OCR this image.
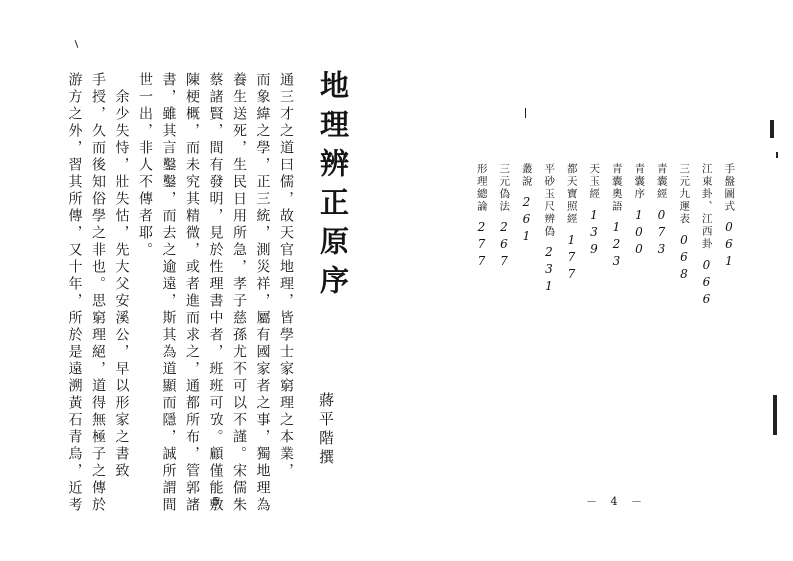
通三才之道曰儒，故天官地理，皆學士家窮理之本業，

而象緯之學，正三統，測災祥，屬有國家者之事，獨地理為

養生送死，生民日用所急，孝子慈孫尤不可以不謹。宋儒朱

蔡諸賢，間有發明，見於性理書中者，班班可攷。顧僅能敷

陳梗概，而未究其精微，或者進而求之，通都所布，管郭諸

書，雖其言鑿鑿，而去之逾遠，斯其為道顯而隱，誠所謂間

世一出，非人不傳者耶。

　余少失恃，壯失怙，先大父安溪公，早以形家之書致

手授，久而後知俗學之非也。思窮理絕，道得無極子之傳於

游方之外，習其所傳，又十年，所於是遠溯黃石青烏，近考	地理辨正原序

蔣平階撰

－ 5 －
手盤圖式
061
江東卦、江西卦
066
三元九運表
068
青囊經
073
青囊序
100
青囊奧語
123
天玉經
139
都天寶照經
177
平砂玉尺辨偽
231
叢說
261
三元偽法
267
形理總論
277
－ 4 －
